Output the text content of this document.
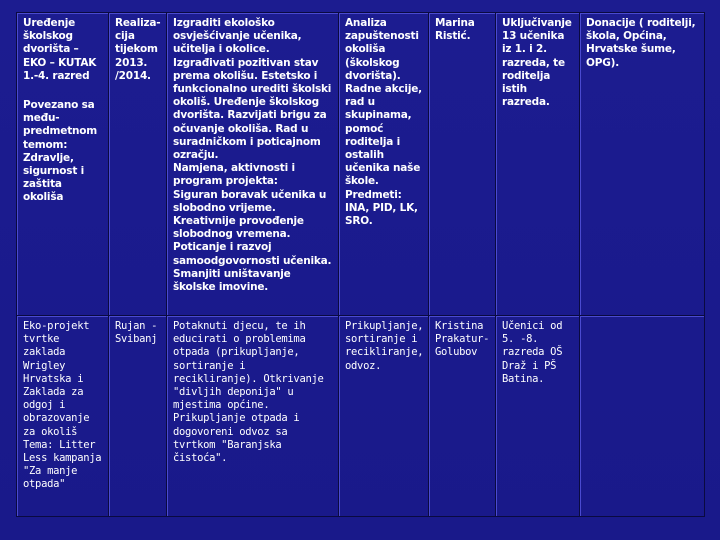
Uređenje školskog dvorišta – EKO – KUTAK 1.-4. razred
Povezano sa među-predmetnom temom: Zdravlje, sigurnost i zaštita okoliša	Realiza-cija tijekom 2013. /2014.	Izgraditi ekološko osvješćivanje učenika, učitelja i okolice. Izgrađivati pozitivan stav prema okolišu. Estetsko i funkcionalno urediti školski okoliš. Uređenje školskog dvorišta. Razvijati brigu za očuvanje okoliša. Rad u suradničkom i poticajnom ozračju.
Namjena, aktivnosti i program projekta:
Siguran boravak učenika u slobodno vrijeme. Kreativnije provođenje slobodnog vremena. Poticanje i razvoj samoodgovornosti učenika. Smanjiti uništavanje školske imovine.	Analiza zapuštenosti okoliša (školskog dvorišta). Radne akcije, rad u skupinama, pomoć roditelja i ostalih učenika naše škole.
Predmeti: INA, PID, LK, SRO.	Marina Ristić.	Uključivanje 13 učenika iz 1. i 2. razreda, te roditelja istih razreda.	Donacije ( roditelji, škola, Općina, Hrvatske šume, OPG).

Eko-projekt tvrtke zaklada Wrigley Hrvatska i Zaklada za odgoj i obrazovanje za okoliš Tema: Litter Less kampanja "Za manje otpada"	Rujan - Svibanj	Potaknuti djecu, te ih educirati o problemima otpada (prikupljanje, sortiranje i recikliranje). Otkrivanje "divljih deponija" u mjestima općine. Prikupljanje otpada i dogovoreni odvoz sa tvrtkom "Baranjska čistoća".	Prikupljanje, sortiranje i recikliranje, odvoz.	Kristina Prakatur-Golubov	Učenici od 5. -8. razreda OŠ Draž i PŠ Batina.	
